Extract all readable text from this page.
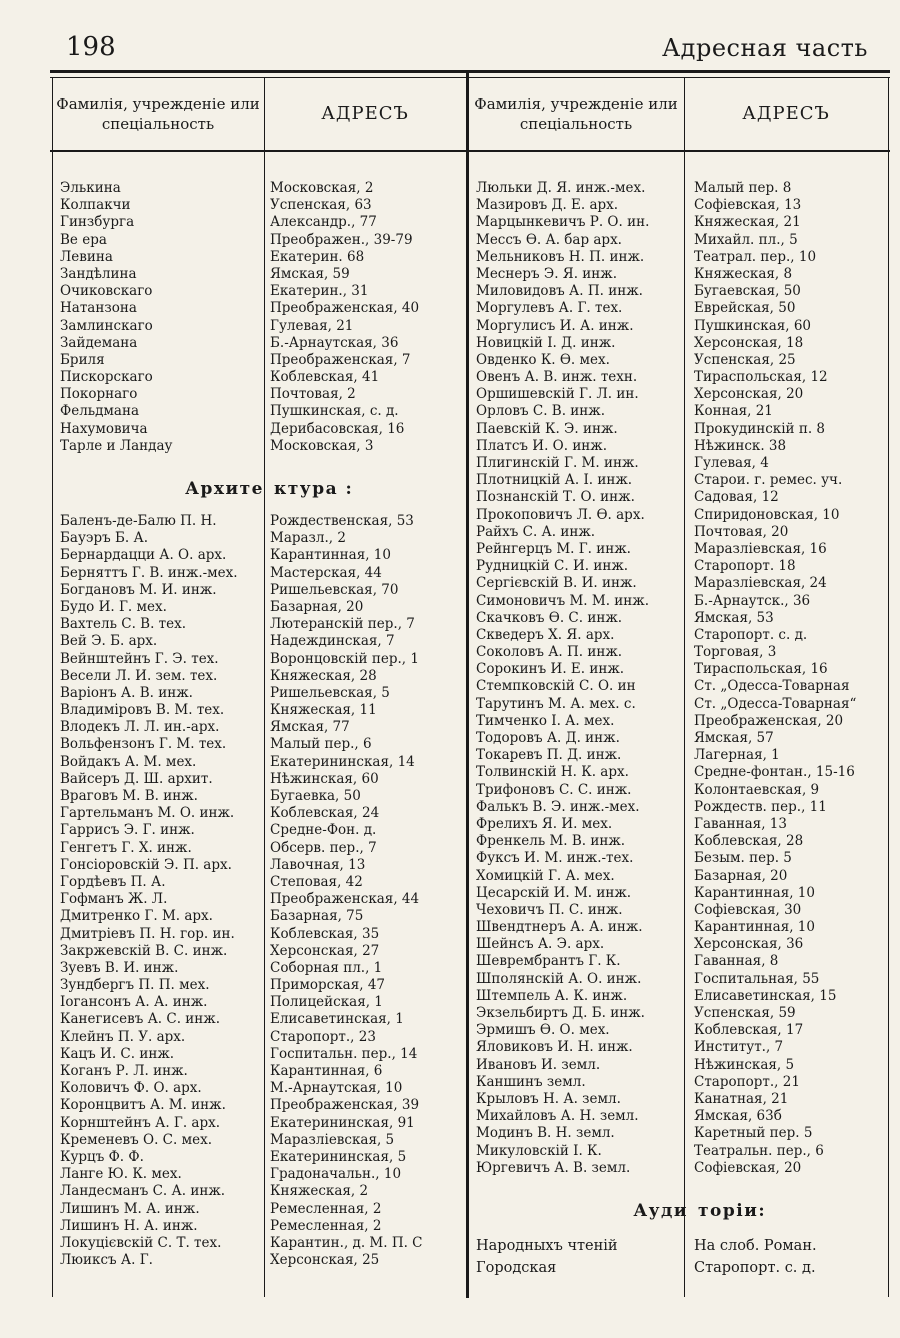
198	Адресная часть
Фамилія, учрежденіе или спеціальность	АДРЕСЪ	Фамилія, учрежденіе или спеціальность	АДРЕСЪ
Элькина	Московская, 2
Колпакчи	Успенская, 63
Гинзбурга	Александр., 77
Ве ера	Преображен., 39-79
Левина	Екатерин. 68
Зандѣлина	Ямская, 59
Очиковскаго	Екатерин., 31
Натанзона	Преображенская, 40
Замлинскаго	Гулевая, 21
Зайдемана	Б.-Арнаутская, 36
Бриля	Преображенская, 7
Пискорскаго	Коблевская, 41
Покорнаго	Почтовая, 2
Фельдмана	Пушкинская, с. д.
Нахумовича	Дерибасовская, 16
Тарле и Ландау	Московская, 3
Архите ктура :
Баленъ-де-Балю П. Н.	Рождественская, 53
Бауэръ Б. А.	Маразл., 2
Бернардацци А. О. арх.	Карантинная, 10
Берняттъ Г. В. инж.-мех.	Мастерская, 44
Богдановъ М. И. инж.	Ришельевская, 70
Будо И. Г. мех.	Базарная, 20
Вахтель С. В. тех.	Лютеранскій пер., 7
Вей Э. Б. арх.	Надеждинская, 7
Вейнштейнъ Г. Э. тех.	Воронцовскій пер., 1
Весели Л. И. зем. тех.	Княжеская, 28
Варіонъ А. В. инж.	Ришельевская, 5
Владиміровъ В. М. тех.	Княжеская, 11
Влодекъ Л. Л. ин.-арх.	Ямская, 77
Вольфензонъ Г. М. тех.	Малый пер., 6
Войдакъ А. М. мех.	Екатерининская, 14
Вайсеръ Д. Ш. архит.	Нѣжинская, 60
Враговъ М. В. инж.	Бугаевка, 50
Гартельманъ М. О. инж.	Коблевская, 24
Гаррисъ Э. Г. инж.	Средне-Фон. д.
Генгетъ Г. Х. инж.	Обсерв. пер., 7
Гонсіоровскій Э. П. арх.	Лавочная, 13
Гордѣевъ П. А.	Степовая, 42
Гофманъ Ж. Л.	Преображенская, 44
Дмитренко Г. М. арх.	Базарная, 75
Дмитріевъ П. Н. гор. ин.	Коблевская, 35
Закржевскій В. С. инж.	Херсонская, 27
Зуевъ В. И. инж.	Соборная пл., 1
Зундбергъ П. П. мех.	Приморская, 47
Іогансонъ А. А. инж.	Полицейская, 1
Канегисевъ А. С. инж.	Елисаветинская, 1
Клейнъ П. У. арх.	Старопорт., 23
Кацъ И. С. инж.	Госпитальн. пер., 14
Коганъ Р. Л. инж.	Карантинная, 6
Коловичъ Ф. О. арх.	М.-Арнаутская, 10
Коронцвитъ А. М. инж.	Преображенская, 39
Корнштейнъ А. Г. арх.	Екатерининская, 91
Кременевъ О. С. мех.	Маразліевская, 5
Курцъ Ф. Ф.	Екатерининская, 5
Ланге Ю. К. мех.	Градоначальн., 10
Ландесманъ С. А. инж.	Княжеская, 2
Лишинъ М. А. инж.	Ремесленная, 2
Лишинъ Н. А. инж.	Ремесленная, 2
Локуцієвскій С. Т. тех.	Карантин., д. М. П. С
Люиксъ А. Г.	Херсонская, 25
Люльки Д. Я. инж.-мех.	Малый пер. 8
Мазировъ Д. Е. арх.	Софіевская, 13
Марцынкевичъ Р. О. ин.	Княжеская, 21
Мессъ Ѳ. А. бар арх.	Михайл. пл., 5
Мельниковъ Н. П. инж.	Театрал. пер., 10
Меснеръ Э. Я. инж.	Княжеская, 8
Миловидовъ А. П. инж.	Бугаевская, 50
Моргулевъ А. Г. тех.	Еврейская, 50
Моргулисъ И. А. инж.	Пушкинская, 60
Новицкій І. Д. инж.	Херсонская, 18
Овденко К. Ѳ. мех.	Успенская, 25
Овенъ А. В. инж. техн.	Тираспольская, 12
Оршишевскій Г. Л. ин.	Херсонская, 20
Орловъ С. В. инж.	Конная, 21
Паевскій К. Э. инж.	Прокудинскій п. 8
Платсъ И. О. инж.	Нѣжинск. 38
Плигинскій Г. М. инж.	Гулевая, 4
Плотницкій А. І. инж.	Старои. г. ремес. уч.
Познанскій Т. О. инж.	Садовая, 12
Прокоповичъ Л. Ѳ. арх.	Спиридоновская, 10
Райхъ С. А. инж.	Почтовая, 20
Рейнгерцъ М. Г. инж.	Маразліевская, 16
Рудницкій С. И. инж.	Старопорт. 18
Сергієвскій В. И. инж.	Маразліевская, 24
Симоновичъ М. М. инж.	Б.-Арнаутск., 36
Скачковъ Ѳ. С. инж.	Ямская, 53
Скведеръ Х. Я. арх.	Старопорт. с. д.
Соколовъ А. П. инж.	Торговая, 3
Сорокинъ И. Е. инж.	Тираспольская, 16
Стемпковскій С. О. ин	Ст. „Одесса-Товарная
Тарутинъ М. А. мех. с.	Ст. „Одесса-Товарная“
Тимченко І. А. мех.	Преображенская, 20
Тодоровъ А. Д. инж.	Ямская, 57
Токаревъ П. Д. инж.	Лагерная, 1
Толвинскій Н. К. арх.	Средне-фонтан., 15-16
Трифоновъ С. С. инж.	Колонтаевская, 9
Фалькъ В. Э. инж.-мех.	Рождеств. пер., 11
Фрелихъ Я. И. мех.	Гаванная, 13
Френкель М. В. инж.	Коблевская, 28
Фуксъ И. М. инж.-тех.	Безым. пер. 5
Хомицкій Г. А. мех.	Базарная, 20
Цесарскій И. М. инж.	Карантинная, 10
Чеховичъ П. С. инж.	Софіевская, 30
Швендтнеръ А. А. инж.	Карантинная, 10
Шейнсъ А. Э. арх.	Херсонская, 36
Шеврембрантъ Г. К.	Гаванная, 8
Шполянскій А. О. инж.	Госпитальная, 55
Штемпель А. К. инж.	Елисаветинская, 15
Экзельбиртъ Д. Б. инж.	Успенская, 59
Эрмишъ Ѳ. О. мех.	Коблевская, 17
Яловиковъ И. Н. инж.	Институт., 7
Ивановъ И. земл.	Нѣжинская, 5
Каншинъ земл.	Старопорт., 21
Крыловъ Н. А. земл.	Канатная, 21
Михайловъ А. Н. земл.	Ямская, 63б
Модинъ В. Н. земл.	Каретный пер. 5
Микуловскій І. К.	Театральн. пер., 6
Юргевичъ А. В. земл.	Софіевская, 20
Ауди торіи:
Народныхъ чтеній	На слоб. Роман.
Городская	Старопорт. с. д.
